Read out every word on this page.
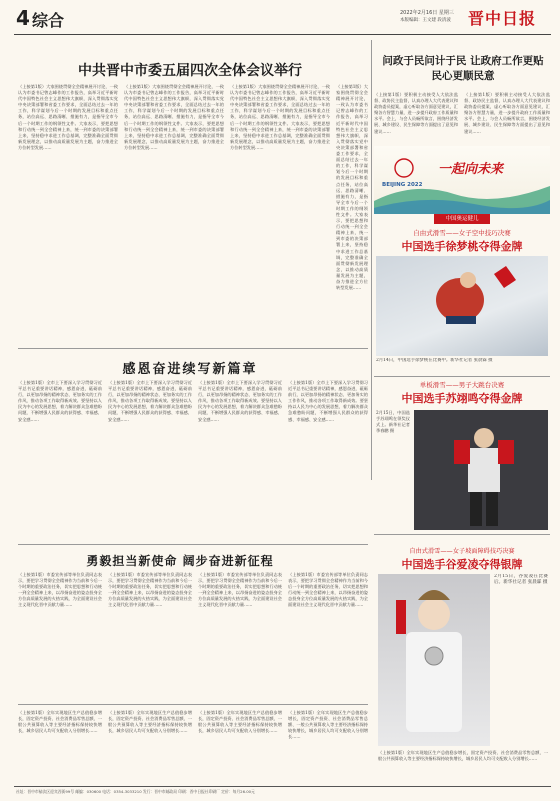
4 综合	2022年2月16日 星期三
本版编辑：王文建 段清波 晋中日报
中共晋中市委五届四次全体会议举行
（上接第1版）大家围绕贯彻全会精神展开讨论，一致认为市委书记曾志峰作的工作报告，高举习近平新时代中国特色社会主义思想伟大旗帜，深入贯彻落实党中央决策部署和省委工作要求，全面总结过去一年的工作，科学谋划今后一个时期的发展目标和重点任务，站位高远、思路清晰、措施有力，是指导全市今后一个时期工作的纲领性文件。大家表示，要把思想和行动统一到全会精神上来，统一到市委的决策部署上来，坚持稳中求进工作总基调，完整准确全面贯彻新发展理念，以推动高质量发展为主题，奋力推进全方位转型发展……
（上接第1版）大家围绕贯彻全会精神展开讨论，一致认为市委书记曾志峰作的工作报告，高举习近平新时代中国特色社会主义思想伟大旗帜，深入贯彻落实党中央决策部署和省委工作要求，全面总结过去一年的工作，科学谋划今后一个时期的发展目标和重点任务，站位高远、思路清晰、措施有力，是指导全市今后一个时期工作的纲领性文件。大家表示，要把思想和行动统一到全会精神上来，统一到市委的决策部署上来，坚持稳中求进工作总基调，完整准确全面贯彻新发展理念，以推动高质量发展为主题，奋力推进全方位转型发展……
（上接第1版）大家围绕贯彻全会精神展开讨论，一致认为市委书记曾志峰作的工作报告，高举习近平新时代中国特色社会主义思想伟大旗帜，深入贯彻落实党中央决策部署和省委工作要求，全面总结过去一年的工作，科学谋划今后一个时期的发展目标和重点任务，站位高远、思路清晰、措施有力，是指导全市今后一个时期工作的纲领性文件。大家表示，要把思想和行动统一到全会精神上来，统一到市委的决策部署上来，坚持稳中求进工作总基调，完整准确全面贯彻新发展理念，以推动高质量发展为主题，奋力推进全方位转型发展……
（上接第1版）大家围绕贯彻全会精神展开讨论，一致认为市委书记曾志峰作的工作报告，高举习近平新时代中国特色社会主义思想伟大旗帜，深入贯彻落实党中央决策部署和省委工作要求，全面总结过去一年的工作，科学谋划今后一个时期的发展目标和重点任务，站位高远、思路清晰、措施有力，是指导全市今后一个时期工作的纲领性文件。大家表示，要把思想和行动统一到全会精神上来，统一到市委的决策部署上来，坚持稳中求进工作总基调，完整准确全面贯彻新发展理念，以推动高质量发展为主题，奋力推进全方位转型发展……
问政于民问计于民 让政府工作更贴民心更顺民意
（上接第1版）要积极主动接受人大依法监督、政协民主监督，认真办理人大代表建议和政协委员提案，虚心听取各方面意见建议，汇聚各方智慧力量，进一步提升政府工作质量和水平。会上，与会人员畅所欲言，围绕经济发展、城乡建设、民生保障等方面提出了意见和建议……
（上接第1版）要积极主动接受人大依法监督、政协民主监督，认真办理人大代表建议和政协委员提案，虚心听取各方面意见建议，汇聚各方智慧力量，进一步提升政府工作质量和水平。会上，与会人员畅所欲言，围绕经济发展、城乡建设、民生保障等方面提出了意见和建议……
BEIJING 2022
一起向未来
中国奥运健儿
自由式滑雪——女子空中技巧决赛
中国选手徐梦桃夺得金牌
2月14日，中国选手徐梦桃在比赛中。新华社记者 张晨霖 摄
单板滑雪——男子大跳台决赛
中国选手苏翊鸣夺得金牌
2月15日，中国选手苏翊鸣在领奖仪式上。新华社记者 季春鹏 摄
自由式滑雪——女子坡面障碍技巧决赛
中国选手谷爱凌夺得银牌
2月15日，谷爱凌在比赛后。新华社记者 张晨霖 摄
感恩奋进续写新篇章
（上接第1版）全市上下要深入学习贯彻习近平总书记重要讲话精神，感恩奋进，砥砺前行，以更加昂扬的精神状态、更加务实的工作作风，推动各项工作取得新成效。要坚持以人民为中心的发展思想，着力解决群众急难愁盼问题，不断增强人民群众的获得感、幸福感、安全感……
（上接第1版）全市上下要深入学习贯彻习近平总书记重要讲话精神，感恩奋进，砥砺前行，以更加昂扬的精神状态、更加务实的工作作风，推动各项工作取得新成效。要坚持以人民为中心的发展思想，着力解决群众急难愁盼问题，不断增强人民群众的获得感、幸福感、安全感……
（上接第1版）全市上下要深入学习贯彻习近平总书记重要讲话精神，感恩奋进，砥砺前行，以更加昂扬的精神状态、更加务实的工作作风，推动各项工作取得新成效。要坚持以人民为中心的发展思想，着力解决群众急难愁盼问题，不断增强人民群众的获得感、幸福感、安全感……
（上接第1版）全市上下要深入学习贯彻习近平总书记重要讲话精神，感恩奋进，砥砺前行，以更加昂扬的精神状态、更加务实的工作作风，推动各项工作取得新成效。要坚持以人民为中心的发展思想，着力解决群众急难愁盼问题，不断增强人民群众的获得感、幸福感、安全感……
勇毅担当新使命 阔步奋进新征程
（上接第1版）市委宣传部等单位负责同志表示，要把学习贯彻全会精神作为当前和今后一个时期的重要政治任务，切实把思想和行动统一到全会精神上来，以昂扬奋进的姿态投身全方位高质量发展的火热实践，为全面建设社会主义现代化晋中贡献力量……
（上接第1版）市委宣传部等单位负责同志表示，要把学习贯彻全会精神作为当前和今后一个时期的重要政治任务，切实把思想和行动统一到全会精神上来，以昂扬奋进的姿态投身全方位高质量发展的火热实践，为全面建设社会主义现代化晋中贡献力量……
（上接第1版）市委宣传部等单位负责同志表示，要把学习贯彻全会精神作为当前和今后一个时期的重要政治任务，切实把思想和行动统一到全会精神上来，以昂扬奋进的姿态投身全方位高质量发展的火热实践，为全面建设社会主义现代化晋中贡献力量……
（上接第1版）市委宣传部等单位负责同志表示，要把学习贯彻全会精神作为当前和今后一个时期的重要政治任务，切实把思想和行动统一到全会精神上来，以昂扬奋进的姿态投身全方位高质量发展的火热实践，为全面建设社会主义现代化晋中贡献力量……
（上接第1版）全年实现地区生产总值稳步增长，固定资产投资、社会消费品零售总额、一般公共预算收入等主要经济指标保持较快增长，城乡居民人均可支配收入分别增长……
（上接第1版）全年实现地区生产总值稳步增长，固定资产投资、社会消费品零售总额、一般公共预算收入等主要经济指标保持较快增长，城乡居民人均可支配收入分别增长……
（上接第1版）全年实现地区生产总值稳步增长，固定资产投资、社会消费品零售总额、一般公共预算收入等主要经济指标保持较快增长，城乡居民人均可支配收入分别增长……
（上接第1版）全年实现地区生产总值稳步增长，固定资产投资、社会消费品零售总额、一般公共预算收入等主要经济指标保持较快增长，城乡居民人均可支配收入分别增长……
（上接第1版）全年实现地区生产总值稳步增长，固定资产投资、社会消费品零售总额、一般公共预算收入等主要经济指标保持较快增长，城乡居民人均可支配收入分别增长……
社址：晋中市榆次区迎宾西街99号 邮编：030600 电话：0354-3033210 发行：晋中市邮政局 印刷：晋中日报社印刷厂 定价：每月26.00元
